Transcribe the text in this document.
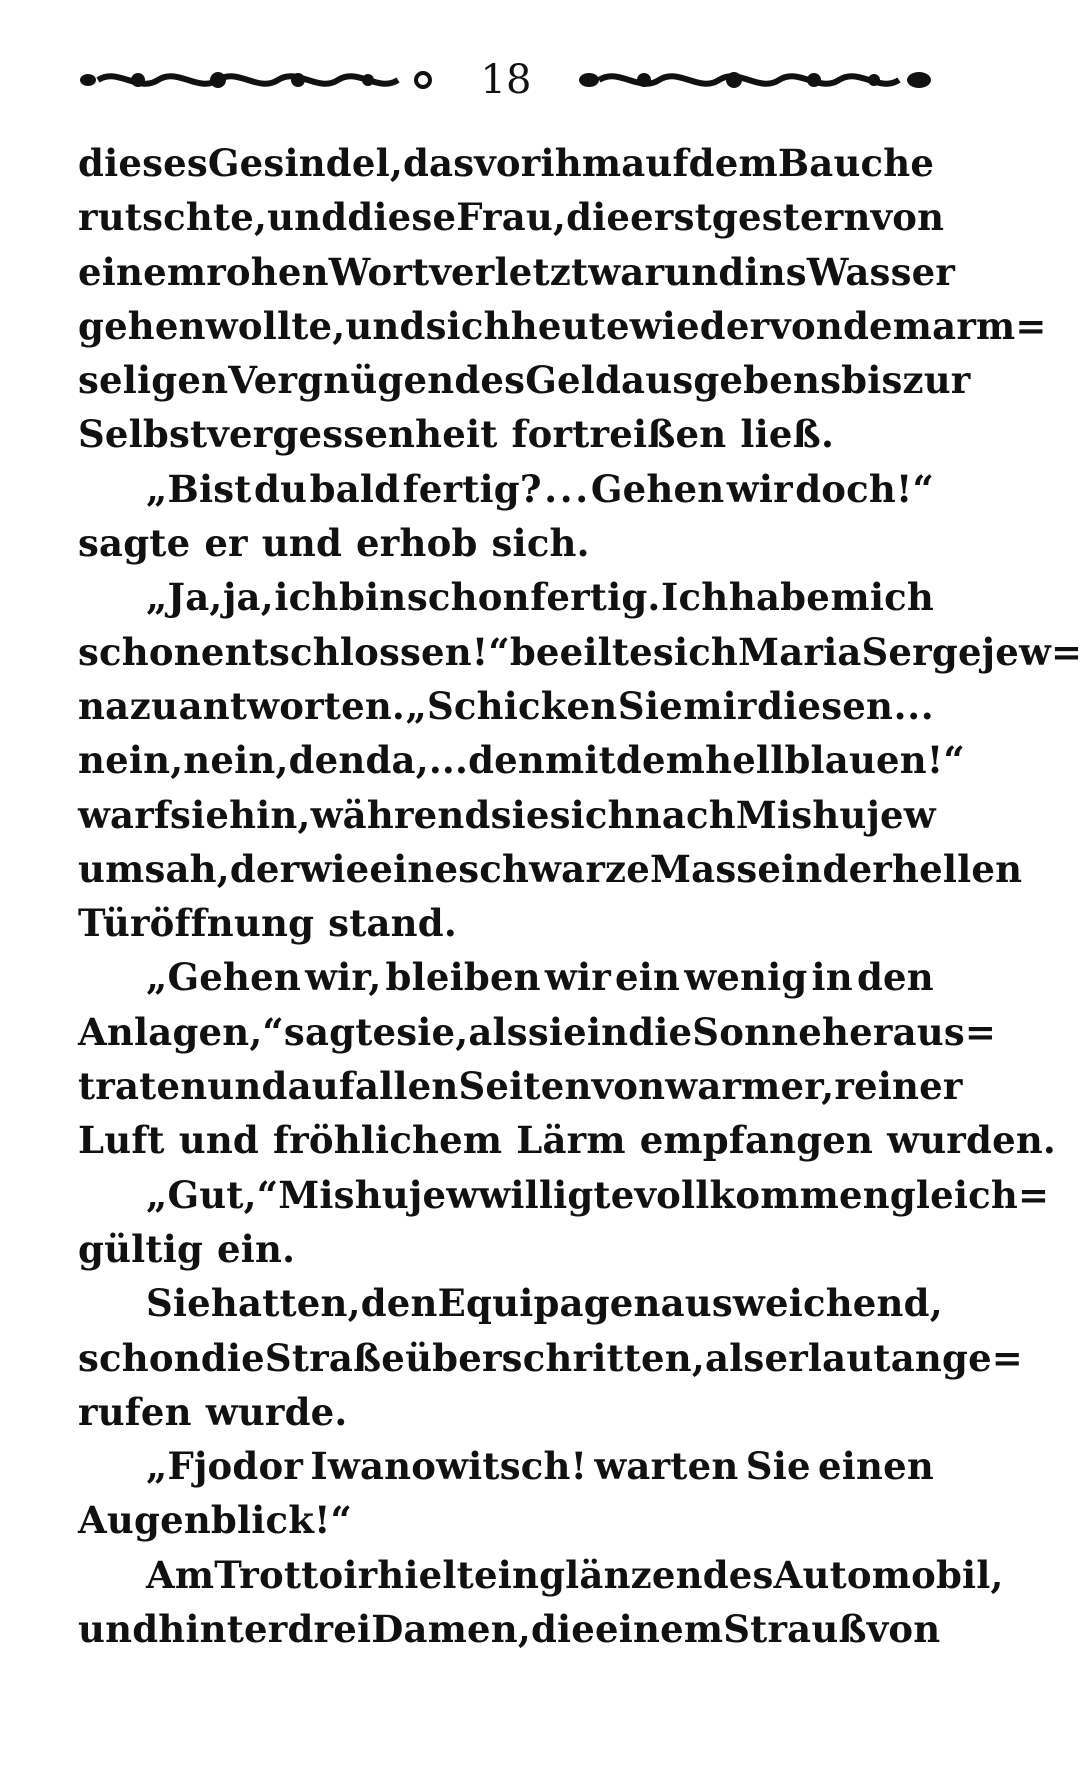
18
dieses Gesindel, das vor ihm auf dem Bauche
rutschte, und diese Frau, die erst gestern von
einem rohen Wort verletzt war und ins Wasser
gehen wollte, und sich heute wieder von dem arm=
seligen Vergnügen des Geldausgebens bis zur
Selbstvergessenheit fortreißen ließ.
„Bist du bald fertig? . . . Gehen wir doch!“
sagte er und erhob sich.
„Ja, ja, ich bin schon fertig. Ich habe mich
schon entschlossen!“ beeilte sich Maria Sergejew=
na zu antworten. „Schicken Sie mir diesen . . .
nein, nein, den da, . . . den mit dem hellblauen!“
warf sie hin, während sie sich nach Mishujew
umsah, der wie eine schwarze Masse in der hellen
Türöffnung stand.
„Gehen wir, bleiben wir ein wenig in den
Anlagen,“ sagte sie, als sie in die Sonne heraus=
traten und auf allen Seiten von warmer, reiner
Luft und fröhlichem Lärm empfangen wurden.
„Gut,“ Mishujew willigte vollkommen gleich=
gültig ein.
Sie hatten, den Equipagen ausweichend,
schon die Straße überschritten, als er laut ange=
rufen wurde.
„Fjodor Iwanowitsch! warten Sie einen
Augenblick!“
Am Trottoir hielt ein glänzendes Automobil,
und hinter drei Damen, die einem Strauß von
